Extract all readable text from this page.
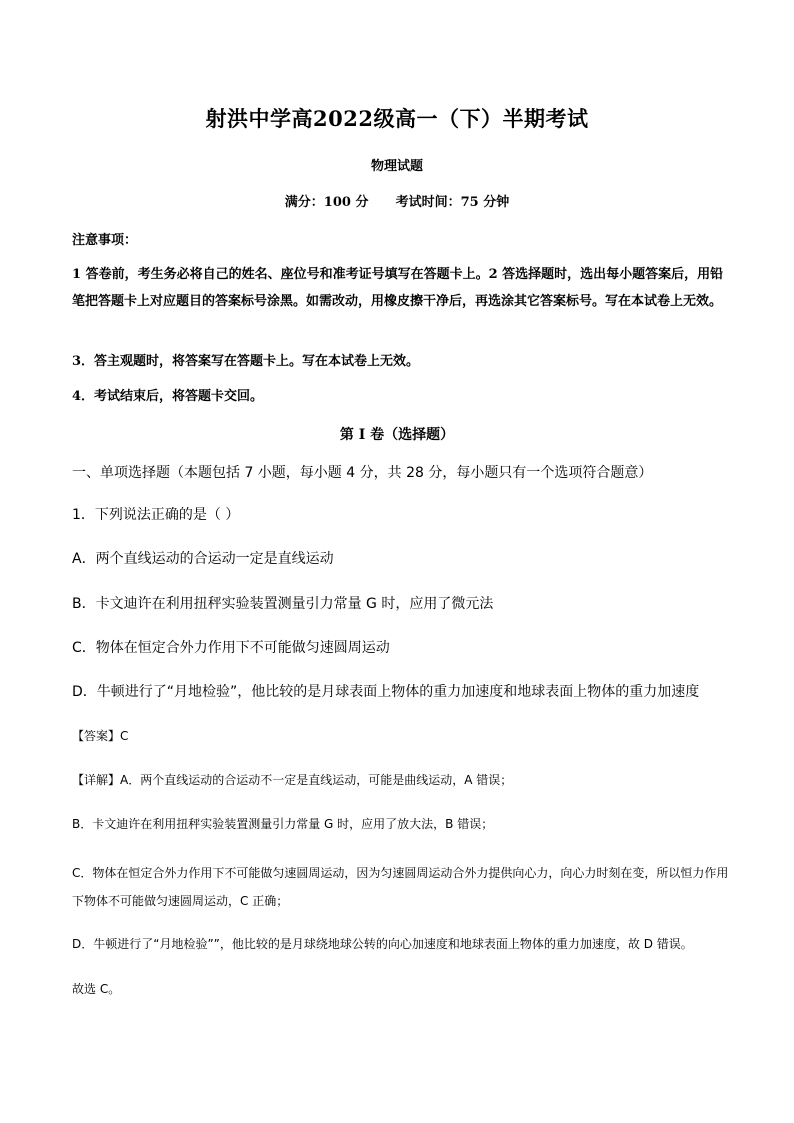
射洪中学高2022级高一（下）半期考试
物理试题
满分：100 分      考试时间：75 分钟
注意事项：
1 答卷前，考生务必将自己的姓名、座位号和准考证号填写在答题卡上。2 答选择题时，选出每小题答案后，用铅笔把答题卡上对应题目的答案标号涂黑。如需改动，用橡皮擦干净后，再选涂其它答案标号。写在本试卷上无效。
3．答主观题时，将答案写在答题卡上。写在本试卷上无效。
4．考试结束后，将答题卡交回。
第 I 卷（选择题）
一、单项选择题（本题包括 7 小题，每小题 4 分，共 28 分，每小题只有一个选项符合题意）
1．下列说法正确的是（ ）
A．两个直线运动的合运动一定是直线运动
B．卡文迪许在利用扭秤实验装置测量引力常量 G 时，应用了微元法
C．物体在恒定合外力作用下不可能做匀速圆周运动
D．牛顿进行了“月地检验”，他比较的是月球表面上物体的重力加速度和地球表面上物体的重力加速度
【答案】C
【详解】A．两个直线运动的合运动不一定是直线运动，可能是曲线运动，A 错误；
B．卡文迪许在利用扭秤实验装置测量引力常量 G 时，应用了放大法，B 错误；
C．物体在恒定合外力作用下不可能做匀速圆周运动，因为匀速圆周运动合外力提供向心力，向心力时刻在变，所以恒力作用下物体不可能做匀速圆周运动，C 正确；
D．牛顿进行了“月地检验””，他比较的是月球绕地球公转的向心加速度和地球表面上物体的重力加速度，故 D 错误。
故选 C。
